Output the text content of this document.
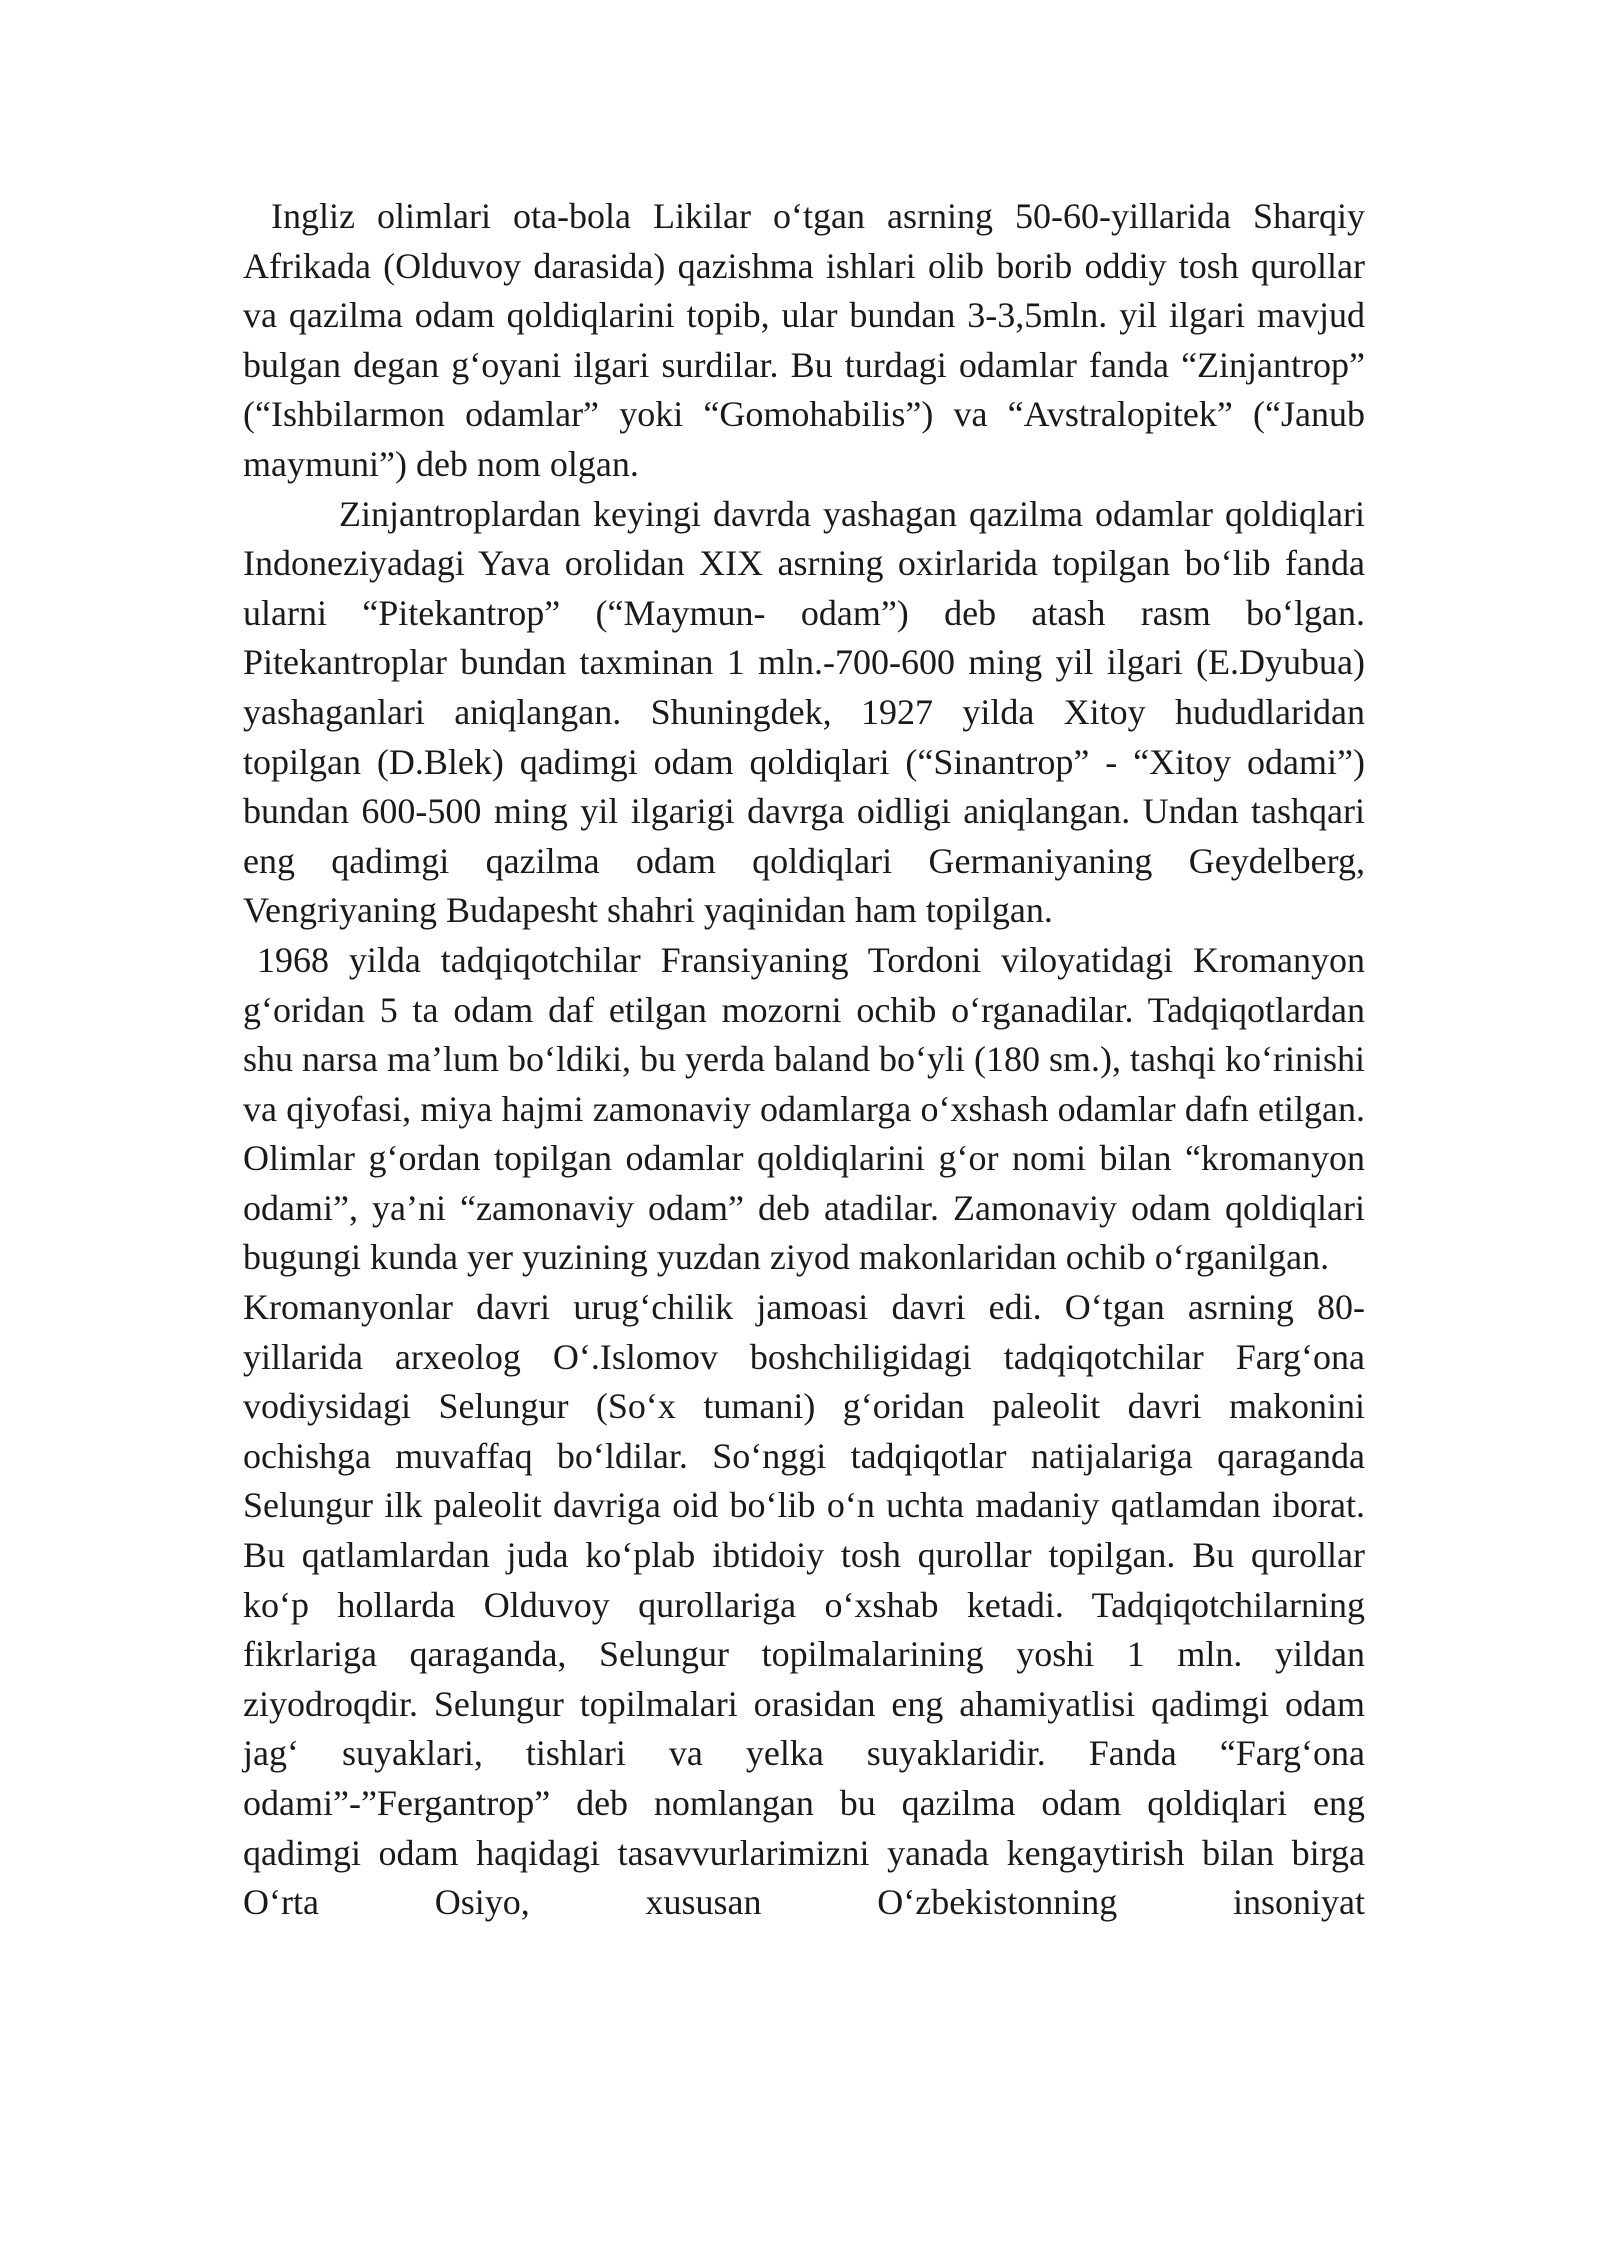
Ingliz olimlari ota-bola Likilar o‘tgan asrning 50-60-yillarida Sharqiy Afrikada (Olduvoy darasida) qazishma ishlari olib borib oddiy tosh qurollar va qazilma odam qoldiqlarini topib, ular bundan 3-3,5mln. yil ilgari mavjud bulgan degan g‘oyani ilgari surdilar. Bu turdagi odamlar fanda “Zinjantrop” (“Ishbilarmon odamlar” yoki “Gomohabilis”) va “Avstralopitek” (“Janub maymuni”) deb nom olgan.

Zinjantroplardan keyingi davrda yashagan qazilma odamlar qoldiqlari Indoneziyadagi Yava orolidan XIX asrning oxirlarida topilgan bo‘lib fanda ularni “Pitekantrop” (“Maymun- odam”) deb atash rasm bo‘lgan. Pitekantroplar bundan taxminan 1 mln.-700-600 ming yil ilgari (E.Dyubua) yashaganlari aniqlangan. Shuningdek, 1927 yilda Xitoy hududlaridan topilgan (D.Blek) qadimgi odam qoldiqlari (“Sinantrop” - “Xitoy odami”) bundan 600-500 ming yil ilgarigi davrga oidligi aniqlangan. Undan tashqari eng qadimgi qazilma odam qoldiqlari Germaniyaning Geydelberg, Vengriyaning Budapesht shahri yaqinidan ham topilgan.

1968 yilda tadqiqotchilar Fransiyaning Tordoni viloyatidagi Kromanyon g‘oridan 5 ta odam daf etilgan mozorni ochib o‘rganadilar. Tadqiqotlardan shu narsa ma’lum bo‘ldiki, bu yerda baland bo‘yli (180 sm.), tashqi ko‘rinishi va qiyofasi, miya hajmi zamonaviy odamlarga o‘xshash odamlar dafn etilgan. Olimlar g‘ordan topilgan odamlar qoldiqlarini g‘or nomi bilan “kromanyon odami”, ya’ni “zamonaviy odam” deb atadilar. Zamonaviy odam qoldiqlari bugungi kunda yer yuzining yuzdan ziyod makonlaridan ochib o‘rganilgan.

Kromanyonlar davri urug‘chilik jamoasi davri edi. O‘tgan asrning 80-yillarida arxeolog O‘.Islomov boshchiligidagi tadqiqotchilar Farg‘ona vodiysidagi Selungur (So‘x tumani) g‘oridan paleolit davri makonini ochishga muvaffaq bo‘ldilar. So‘nggi tadqiqotlar natijalariga qaraganda Selungur ilk paleolit davriga oid bo‘lib o‘n uchta madaniy qatlamdan iborat. Bu qatlamlardan juda ko‘plab ibtidoiy tosh qurollar topilgan. Bu qurollar ko‘p hollarda Olduvoy qurollariga o‘xshab ketadi. Tadqiqotchilarning fikrlariga qaraganda, Selungur topilmalarining yoshi 1 mln. yildan ziyodroqdir. Selungur topilmalari orasidan eng ahamiyatlisi qadimgi odam jag‘ suyaklari, tishlari va yelka suyaklaridir. Fanda “Farg‘ona odami”-”Fergantrop” deb nomlangan bu qazilma odam qoldiqlari eng qadimgi odam haqidagi tasavvurlarimizni yanada kengaytirish bilan birga O‘rta Osiyo, xususan O‘zbekistonning insoniyat
